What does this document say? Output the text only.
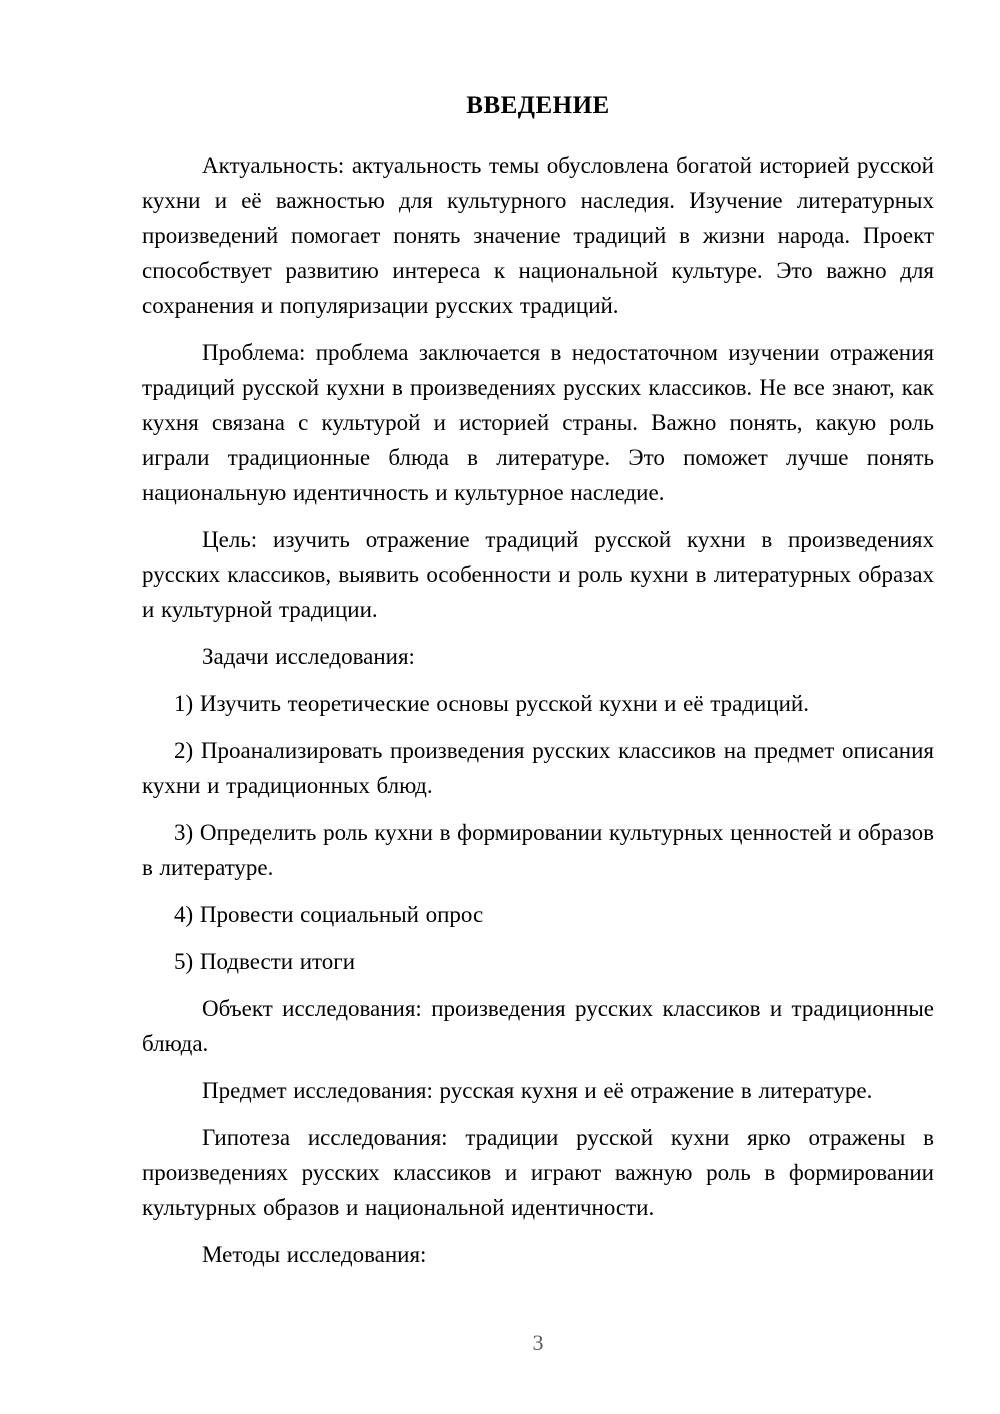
ВВЕДЕНИЕ

Актуальность: актуальность темы обусловлена богатой историей русской кухни и её важностью для культурного наследия. Изучение литературных произведений помогает понять значение традиций в жизни народа. Проект способствует развитию интереса к национальной культуре. Это важно для сохранения и популяризации русских традиций.

Проблема: проблема заключается в недостаточном изучении отражения традиций русской кухни в произведениях русских классиков. Не все знают, как кухня связана с культурой и историей страны. Важно понять, какую роль играли традиционные блюда в литературе. Это поможет лучше понять национальную идентичность и культурное наследие.

Цель: изучить отражение традиций русской кухни в произведениях русских классиков, выявить особенности и роль кухни в литературных образах и культурной традиции.

Задачи исследования:

1) Изучить теоретические основы русской кухни и её традиций.

2) Проанализировать произведения русских классиков на предмет описания кухни и традиционных блюд.

3) Определить роль кухни в формировании культурных ценностей и образов в литературе.

4) Провести социальный опрос

5) Подвести итоги

Объект исследования: произведения русских классиков и традиционные блюда.

Предмет исследования: русская кухня и её отражение в литературе.

Гипотеза исследования: традиции русской кухни ярко отражены в произведениях русских классиков и играют важную роль в формировании культурных образов и национальной идентичности.

Методы исследования:

3
